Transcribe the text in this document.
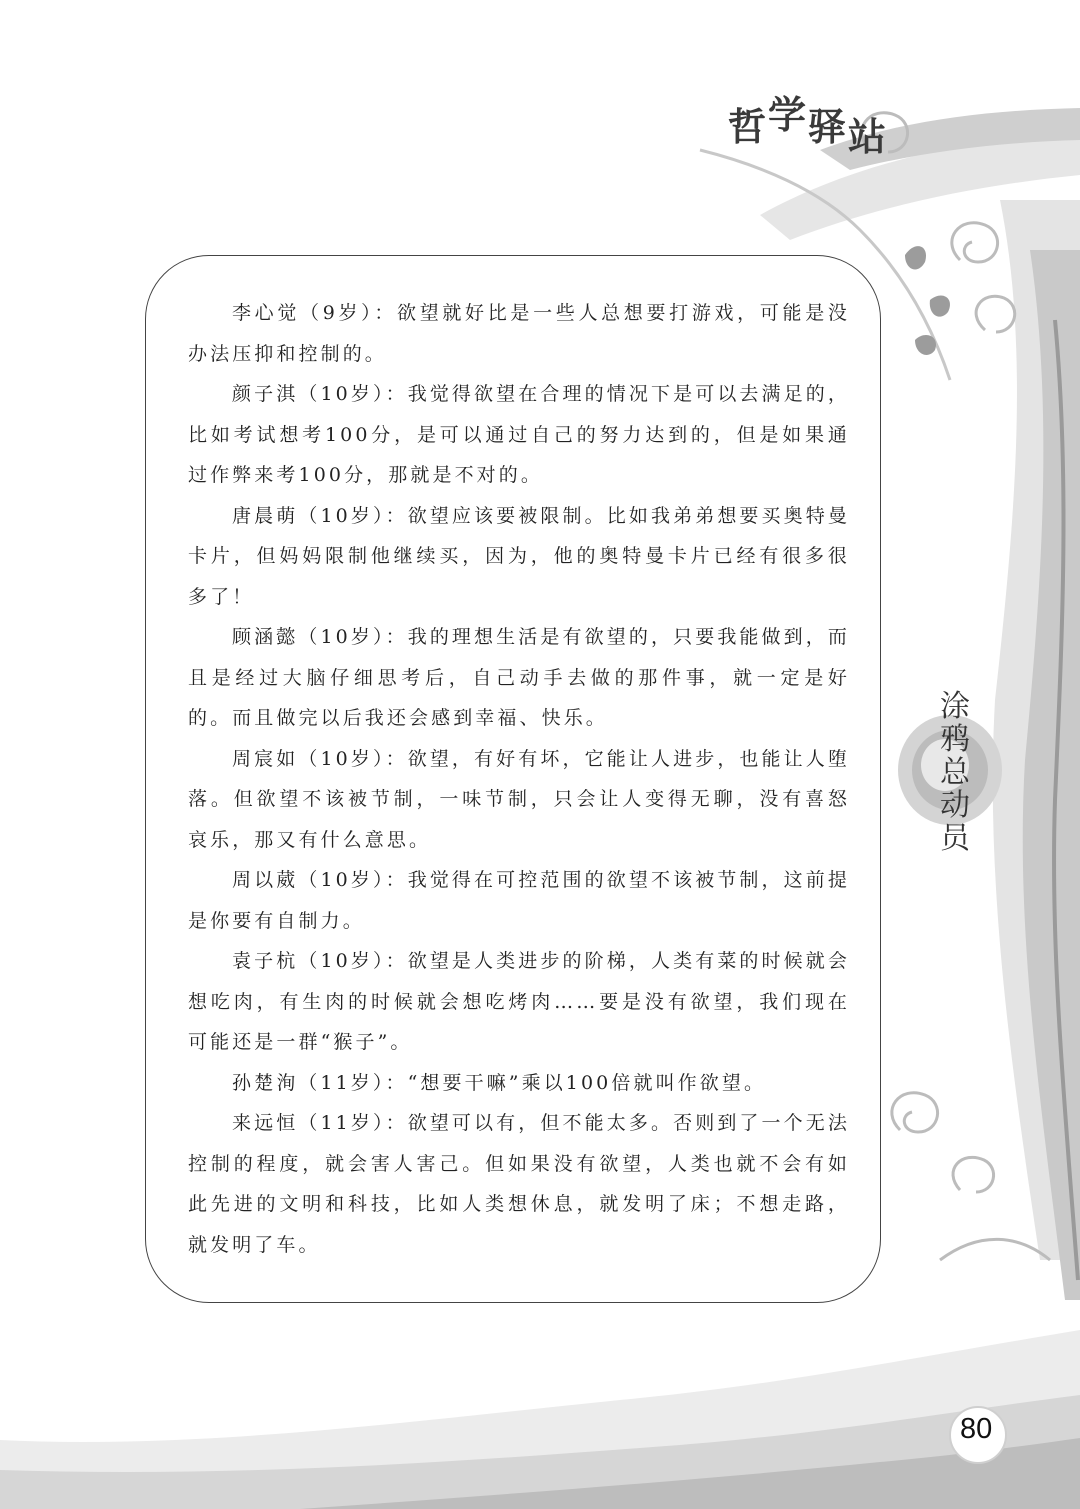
哲学驿站
涂
鸦
总
动
员

李心觉（9岁）：欲望就好比是一些人总想要打游戏，可能是没办法压抑和控制的。

颜子淇（10岁）：我觉得欲望在合理的情况下是可以去满足的，比如考试想考100分，是可以通过自己的努力达到的，但是如果通过作弊来考100分，那就是不对的。

唐晨萌（10岁）：欲望应该要被限制。比如我弟弟想要买奥特曼卡片，但妈妈限制他继续买，因为，他的奥特曼卡片已经有很多很多了！

顾涵懿（10岁）：我的理想生活是有欲望的，只要我能做到，而且是经过大脑仔细思考后，自己动手去做的那件事，就一定是好的。而且做完以后我还会感到幸福、快乐。

周宸如（10岁）：欲望，有好有坏，它能让人进步，也能让人堕落。但欲望不该被节制，一味节制，只会让人变得无聊，没有喜怒哀乐，那又有什么意思。

周以葳（10岁）：我觉得在可控范围的欲望不该被节制，这前提是你要有自制力。

袁子杭（10岁）：欲望是人类进步的阶梯，人类有菜的时候就会想吃肉，有生肉的时候就会想吃烤肉……要是没有欲望，我们现在可能还是一群“猴子”。

孙楚洵（11岁）：“想要干嘛”乘以100倍就叫作欲望。

来远恒（11岁）：欲望可以有，但不能太多。否则到了一个无法控制的程度，就会害人害己。但如果没有欲望，人类也就不会有如此先进的文明和科技，比如人类想休息，就发明了床；不想走路，就发明了车。

80
